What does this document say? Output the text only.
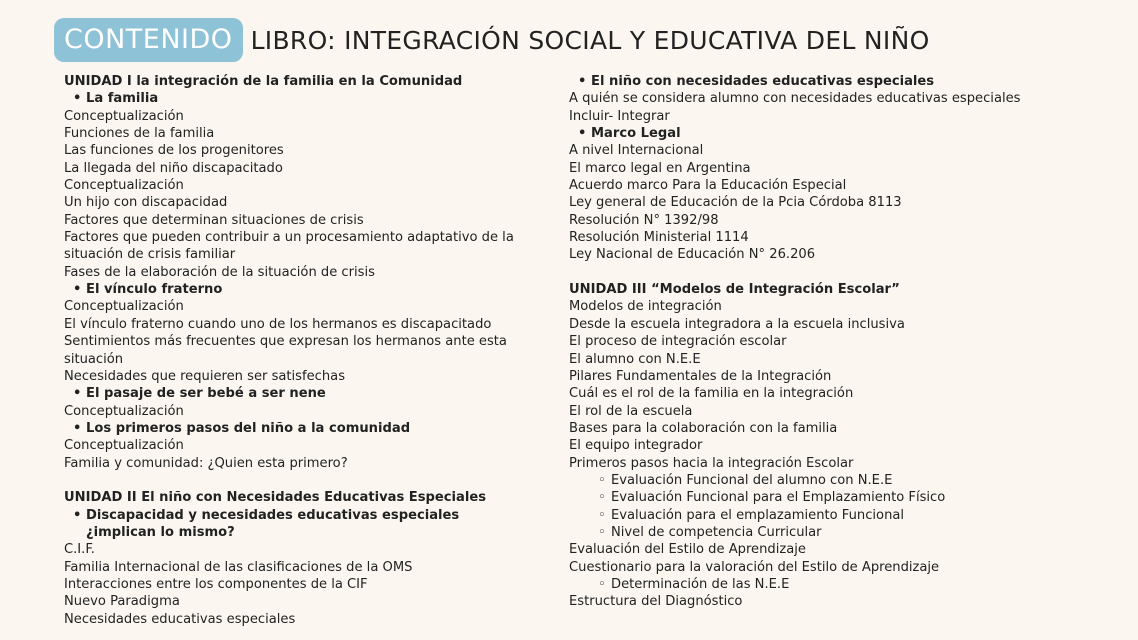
CONTENIDO LIBRO: INTEGRACIÓN SOCIAL Y EDUCATIVA DEL NIÑO
UNIDAD I la integración de la familia en la Comunidad
• La familia
Conceptualización
Funciones de la familia
Las funciones de los progenitores
La llegada del niño discapacitado
Conceptualización
Un hijo con discapacidad
Factores que determinan situaciones de crisis
Factores que pueden contribuir a un procesamiento adaptativo de la situación de crisis familiar
Fases de la elaboración de la situación de crisis
• El vínculo fraterno
Conceptualización
El vínculo fraterno cuando uno de los hermanos es discapacitado
Sentimientos más frecuentes que expresan los hermanos ante esta situación
Necesidades que requieren ser satisfechas
• El pasaje de ser bebé a ser nene
Conceptualización
• Los primeros pasos del niño a la comunidad
Conceptualización
Familia y comunidad: ¿Quien esta primero?
UNIDAD II El niño con Necesidades Educativas Especiales
• Discapacidad y necesidades educativas especiales ¿implican lo mismo?
C.I.F.
Familia Internacional de las clasificaciones de la OMS
Interacciones entre los componentes de la CIF
Nuevo Paradigma
Necesidades educativas especiales
• El niño con necesidades educativas especiales
A quién se considera alumno con necesidades educativas especiales
Incluir- Integrar
• Marco Legal
A nivel Internacional
El marco legal en Argentina
Acuerdo marco Para la Educación Especial
Ley general de Educación de la Pcia Córdoba 8113
Resolución N° 1392/98
Resolución Ministerial 1114
Ley Nacional de Educación N° 26.206
UNIDAD III “Modelos de Integración Escolar”
Modelos de integración
Desde la escuela integradora a la escuela inclusiva
El proceso de integración escolar
El alumno con N.E.E
Pilares Fundamentales de la Integración
Cuál es el rol de la familia en la integración
El rol de la escuela
Bases para la colaboración con la familia
El equipo integrador
Primeros pasos hacia la integración Escolar
◦ Evaluación Funcional del alumno con N.E.E
◦ Evaluación Funcional para el Emplazamiento Físico
◦ Evaluación para el emplazamiento Funcional
◦ Nivel de competencia Curricular
Evaluación del Estilo de Aprendizaje
Cuestionario para la valoración del Estilo de Aprendizaje
◦ Determinación de las N.E.E
Estructura del Diagnóstico
